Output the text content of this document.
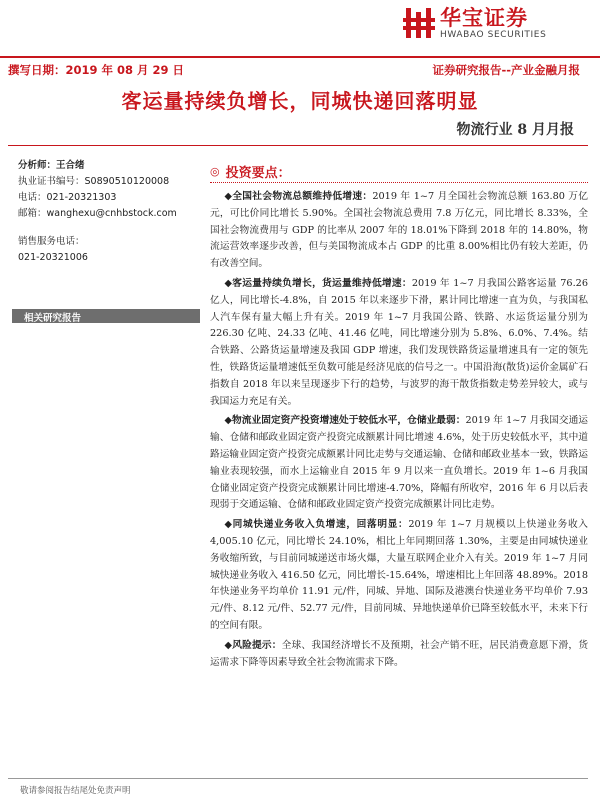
华宝证券
HWABAO SECURITIES
撰写日期：2019 年 08 月 29 日	证券研究报告--产业金融月报
客运量持续负增长，同城快递回落明显
物流行业 8 月月报
分析师：王合绪
执业证书编号：S0890510120008
电话：021-20321303
邮箱：wanghexu@cnhbstock.com
销售服务电话：
021-20321006
相关研究报告
◎ 投资要点：

◆全国社会物流总额维持低增速：2019 年 1~7 月全国社会物流总额 163.80 万亿元，可比价同比增长 5.90%。全国社会物流总费用 7.8 万亿元，同比增长 8.33%，全国社会物流费用与 GDP 的比率从 2007 年的 18.01%下降到 2018 年的 14.80%，物流运营效率逐步改善，但与美国物流成本占 GDP 的比重 8.00%相比仍有较大差距，仍有改善空间。

◆客运量持续负增长，货运量维持低增速：2019 年 1~7 月我国公路客运量 76.26 亿人，同比增长-4.8%，自 2015 年以来逐步下滑，累计同比增速一直为负，与我国私人汽车保有量大幅上升有关。2019 年 1~7 月我国公路、铁路、水运货运量分别为 226.30 亿吨、24.33 亿吨、41.46 亿吨，同比增速分别为 5.8%、6.0%、7.4%。结合铁路、公路货运量增速及我国 GDP 增速，我们发现铁路货运量增速具有一定的领先性，铁路货运量增速低至负数可能是经济见底的信号之一。中国沿海(散货)运价金属矿石指数自 2018 年以来呈现逐步下行的趋势，与波罗的海干散货指数走势差异较大，或与我国运力充足有关。

◆物流业固定资产投资增速处于较低水平，仓储业最弱：2019 年 1~7 月我国交通运输、仓储和邮政业固定资产投资完成额累计同比增速 4.6%，处于历史较低水平，其中道路运输业固定资产投资完成额累计同比走势与交通运输、仓储和邮政业基本一致，铁路运输业表现较强，而水上运输业自 2015 年 9 月以来一直负增长。2019 年 1~6 月我国仓储业固定资产投资完成额累计同比增速-4.70%，降幅有所收窄，2016 年 6 月以后表现弱于交通运输、仓储和邮政业固定资产投资完成额累计同比走势。

◆同城快递业务收入负增速，回落明显：2019 年 1~7 月规模以上快递业务收入 4,005.10 亿元，同比增长 24.10%，相比上年同期回落 1.30%，主要是由同城快递业务收缩所致，与目前同城递送市场火爆，大量互联网企业介入有关。2019 年 1~7 月同城快递业务收入 416.50 亿元，同比增长-15.64%，增速相比上年回落 48.89%。2018 年快递业务平均单价 11.91 元/件，同城、异地、国际及港澳台快递业务平均单价 7.93 元/件、8.12 元/件、52.77 元/件，目前同城、异地快递单价已降至较低水平，未来下行的空间有限。

◆风险提示：全球、我国经济增长不及预期，社会产销不旺，居民消费意愿下滑，货运需求下降等因素导致全社会物流需求下降。

敬请参阅报告结尾处免责声明
